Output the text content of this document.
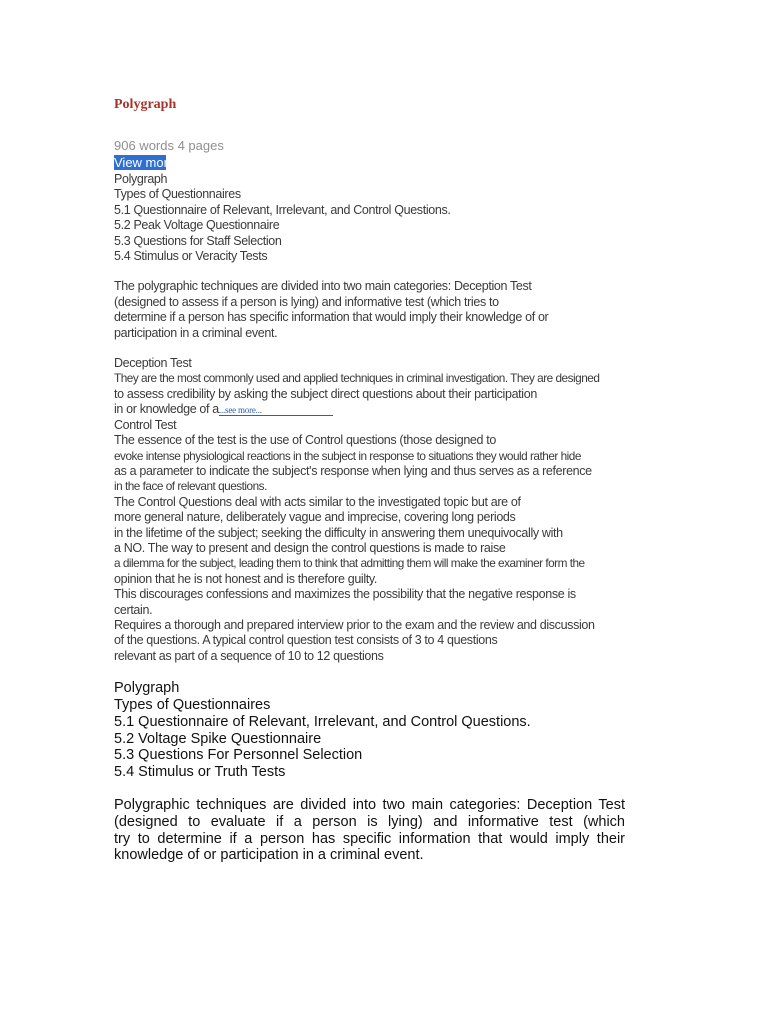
Polygraph
906 words 4 pages
View more
Polygraph
Types of Questionnaires
5.1 Questionnaire of Relevant, Irrelevant, and Control Questions.
5.2 Peak Voltage Questionnaire
5.3 Questions for Staff Selection
5.4 Stimulus or Veracity Tests
The polygraphic techniques are divided into two main categories: Deception Test
(designed to assess if a person is lying) and informative test (which tries to
determine if a person has specific information that would imply their knowledge of or
participation in a criminal event.
Deception Test
They are the most commonly used and applied techniques in criminal investigation. They are designed
to assess credibility by asking the subject direct questions about their participation
in or knowledge of a...see more...
Control Test
The essence of the test is the use of Control questions (those designed to
evoke intense physiological reactions in the subject in response to situations they would rather hide
as a parameter to indicate the subject's response when lying and thus serves as a reference
in the face of relevant questions.
The Control Questions deal with acts similar to the investigated topic but are of
more general nature, deliberately vague and imprecise, covering long periods
in the lifetime of the subject; seeking the difficulty in answering them unequivocally with
a NO. The way to present and design the control questions is made to raise
a dilemma for the subject, leading them to think that admitting them will make the examiner form the
opinion that he is not honest and is therefore guilty.
This discourages confessions and maximizes the possibility that the negative response is
certain.
Requires a thorough and prepared interview prior to the exam and the review and discussion
of the questions. A typical control question test consists of 3 to 4 questions
relevant as part of a sequence of 10 to 12 questions
Polygraph
Types of Questionnaires
5.1 Questionnaire of Relevant, Irrelevant, and Control Questions.
5.2 Voltage Spike Questionnaire
5.3 Questions For Personnel Selection
5.4 Stimulus or Truth Tests
Polygraphic techniques are divided into two main categories: Deception Test
(designed to evaluate if a person is lying) and informative test (which
try to determine if a person has specific information that would imply their
knowledge of or participation in a criminal event.
